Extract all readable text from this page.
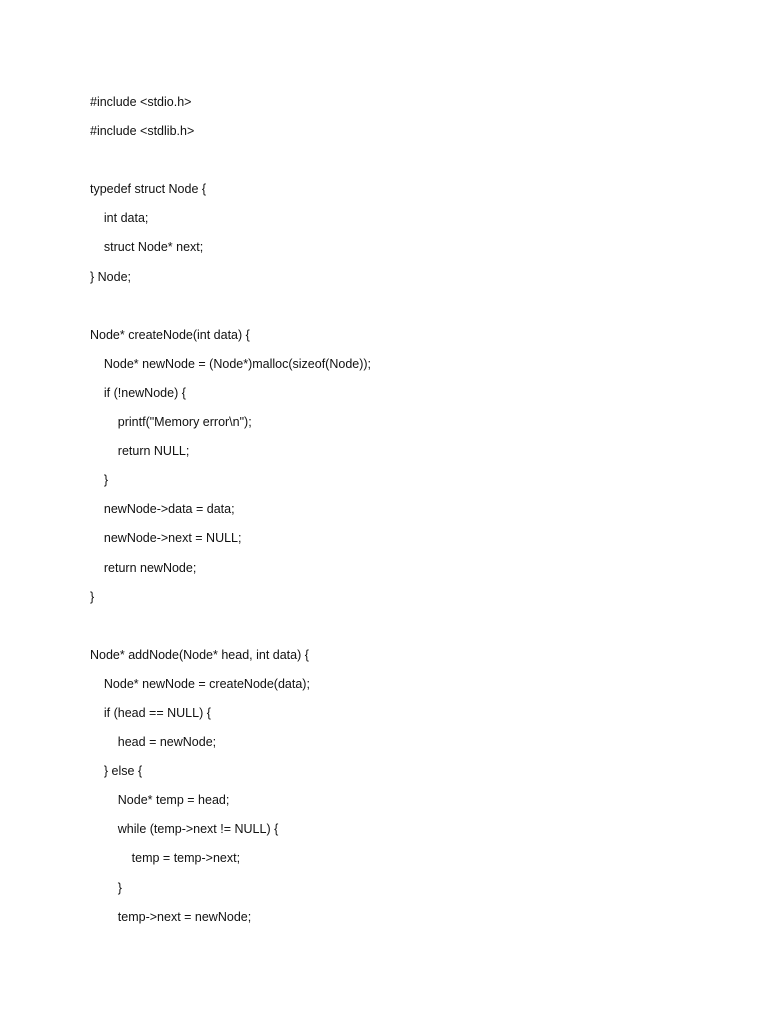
#include <stdio.h>
#include <stdlib.h>
typedef struct Node {
int data;
struct Node* next;
} Node;
Node* createNode(int data) {
Node* newNode = (Node*)malloc(sizeof(Node));
if (!newNode) {
printf("Memory error\n");
return NULL;
}
newNode->data = data;
newNode->next = NULL;
return newNode;
}
Node* addNode(Node* head, int data) {
Node* newNode = createNode(data);
if (head == NULL) {
head = newNode;
} else {
Node* temp = head;
while (temp->next != NULL) {
temp = temp->next;
}
temp->next = newNode;
